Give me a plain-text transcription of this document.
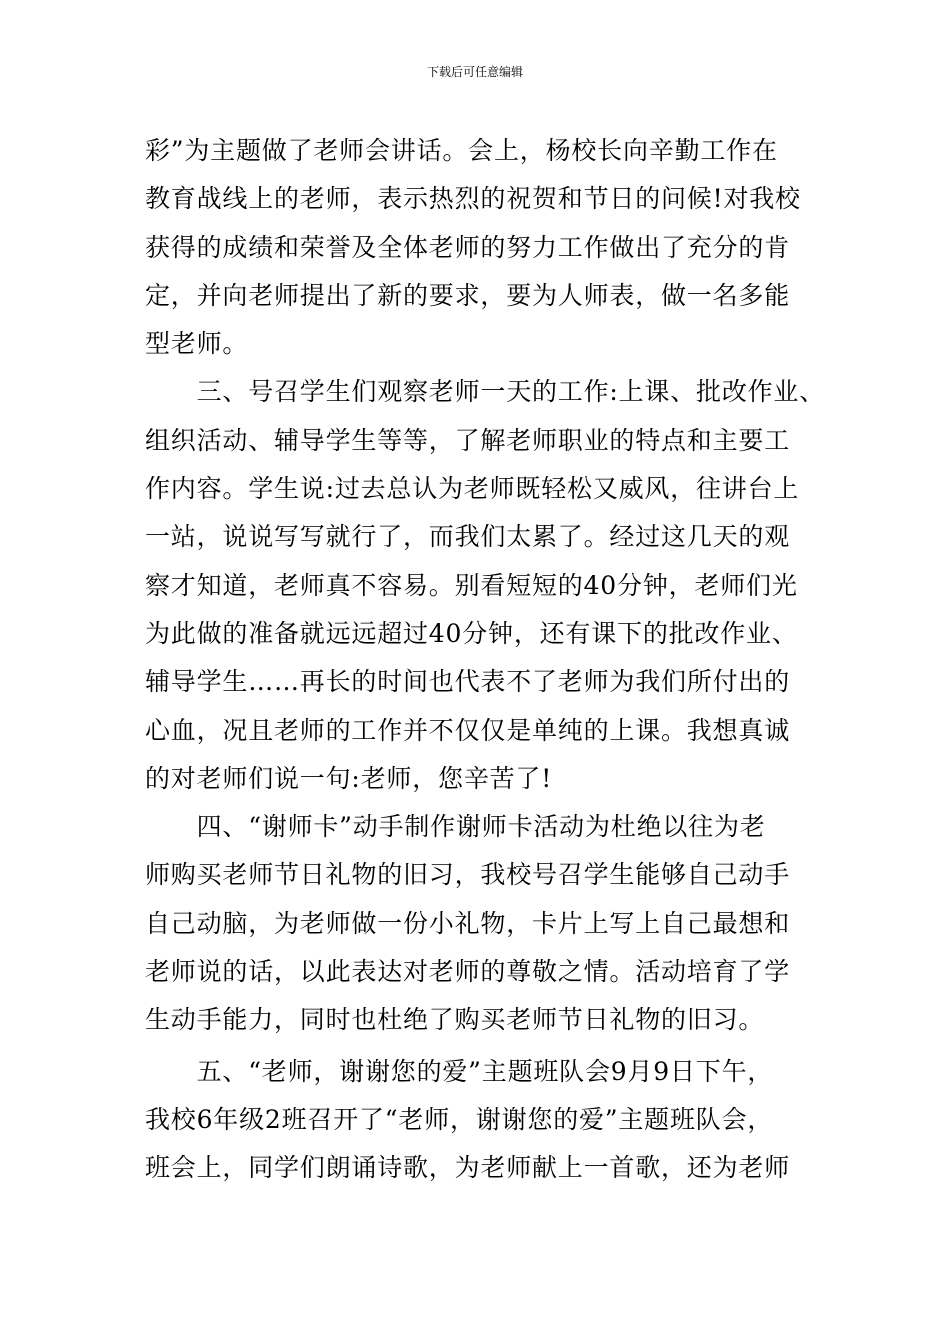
下载后可任意编辑
彩”为主题做了老师会讲话。会上，杨校长向辛勤工作在
教育战线上的老师，表示热烈的祝贺和节日的问候!对我校
获得的成绩和荣誉及全体老师的努力工作做出了充分的肯
定，并向老师提出了新的要求，要为人师表，做一名多能
型老师。
　　三、号召学生们观察老师一天的工作:上课、批改作业、
组织活动、辅导学生等等，了解老师职业的特点和主要工
作内容。学生说:过去总认为老师既轻松又威风，往讲台上
一站，说说写写就行了，而我们太累了。经过这几天的观
察才知道，老师真不容易。别看短短的40分钟，老师们光
为此做的准备就远远超过40分钟，还有课下的批改作业、
辅导学生……再长的时间也代表不了老师为我们所付出的
心血，况且老师的工作并不仅仅是单纯的上课。我想真诚
的对老师们说一句:老师，您辛苦了!
　　四、“谢师卡”动手制作谢师卡活动为杜绝以往为老
师购买老师节日礼物的旧习，我校号召学生能够自己动手
自己动脑，为老师做一份小礼物，卡片上写上自己最想和
老师说的话，以此表达对老师的尊敬之情。活动培育了学
生动手能力，同时也杜绝了购买老师节日礼物的旧习。
　　五、“老师，谢谢您的爱”主题班队会9月9日下午，
我校6年级2班召开了“老师，谢谢您的爱”主题班队会，
班会上，同学们朗诵诗歌，为老师献上一首歌，还为老师
